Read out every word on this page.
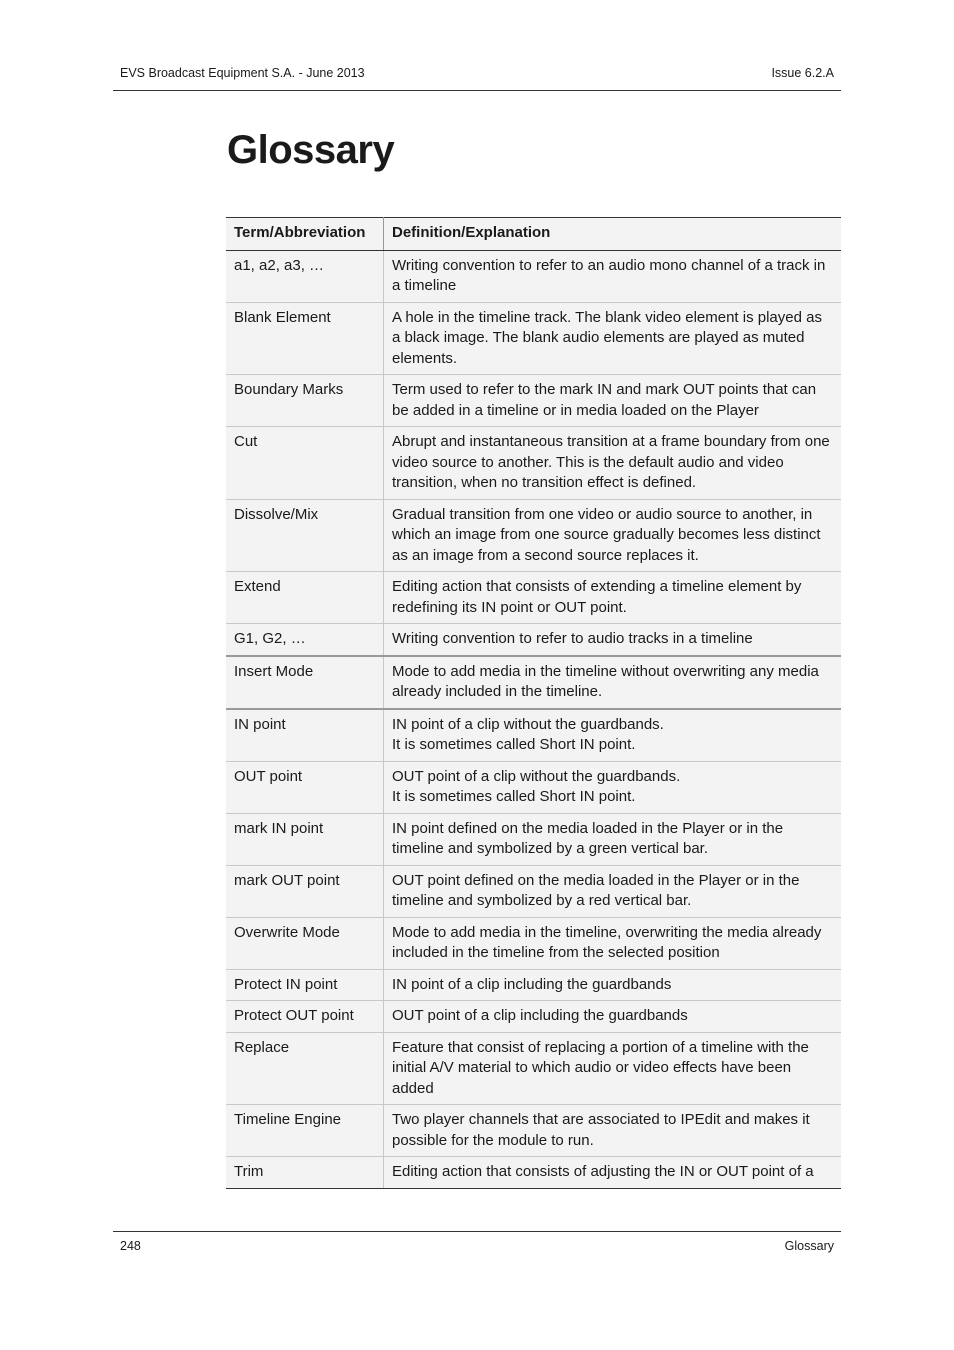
EVS Broadcast Equipment S.A. - June 2013	Issue 6.2.A
Glossary
Term/Abbreviation	Definition/Explanation
a1, a2, a3, …	Writing convention to refer to an audio mono channel of a track in a timeline
Blank Element	A hole in the timeline track. The blank video element is played as a black image. The blank audio elements are played as muted elements.
Boundary Marks	Term used to refer to the mark IN and mark OUT points that can be added in a timeline or in media loaded on the Player
Cut	Abrupt and instantaneous transition at a frame boundary from one video source to another. This is the default audio and video transition, when no transition effect is defined.
Dissolve/Mix	Gradual transition from one video or audio source to another, in which an image from one source gradually becomes less distinct as an image from a second source replaces it.
Extend	Editing action that consists of extending a timeline element by redefining its IN point or OUT point.
G1, G2, …	Writing convention to refer to audio tracks in a timeline
Insert Mode	Mode to add media in the timeline without overwriting any media already included in the timeline.
IN point	IN point of a clip without the guardbands.
It is sometimes called Short IN point.
OUT point	OUT point of a clip without the guardbands.
It is sometimes called Short IN point.
mark IN point	IN point defined on the media loaded in the Player or in the timeline and symbolized by a green vertical bar.
mark OUT point	OUT point defined on the media loaded in the Player or in the timeline and symbolized by a red vertical bar.
Overwrite Mode	Mode to add media in the timeline, overwriting the media already included in the timeline from the selected position
Protect IN point	IN point of a clip including the guardbands
Protect OUT point	OUT point of a clip including the guardbands
Replace	Feature that consist of replacing a portion of a timeline with the initial A/V material to which audio or video effects have been added
Timeline Engine	Two player channels that are associated to IPEdit and makes it possible for the module to run.
Trim	Editing action that consists of adjusting the IN or OUT point of a
248	Glossary
